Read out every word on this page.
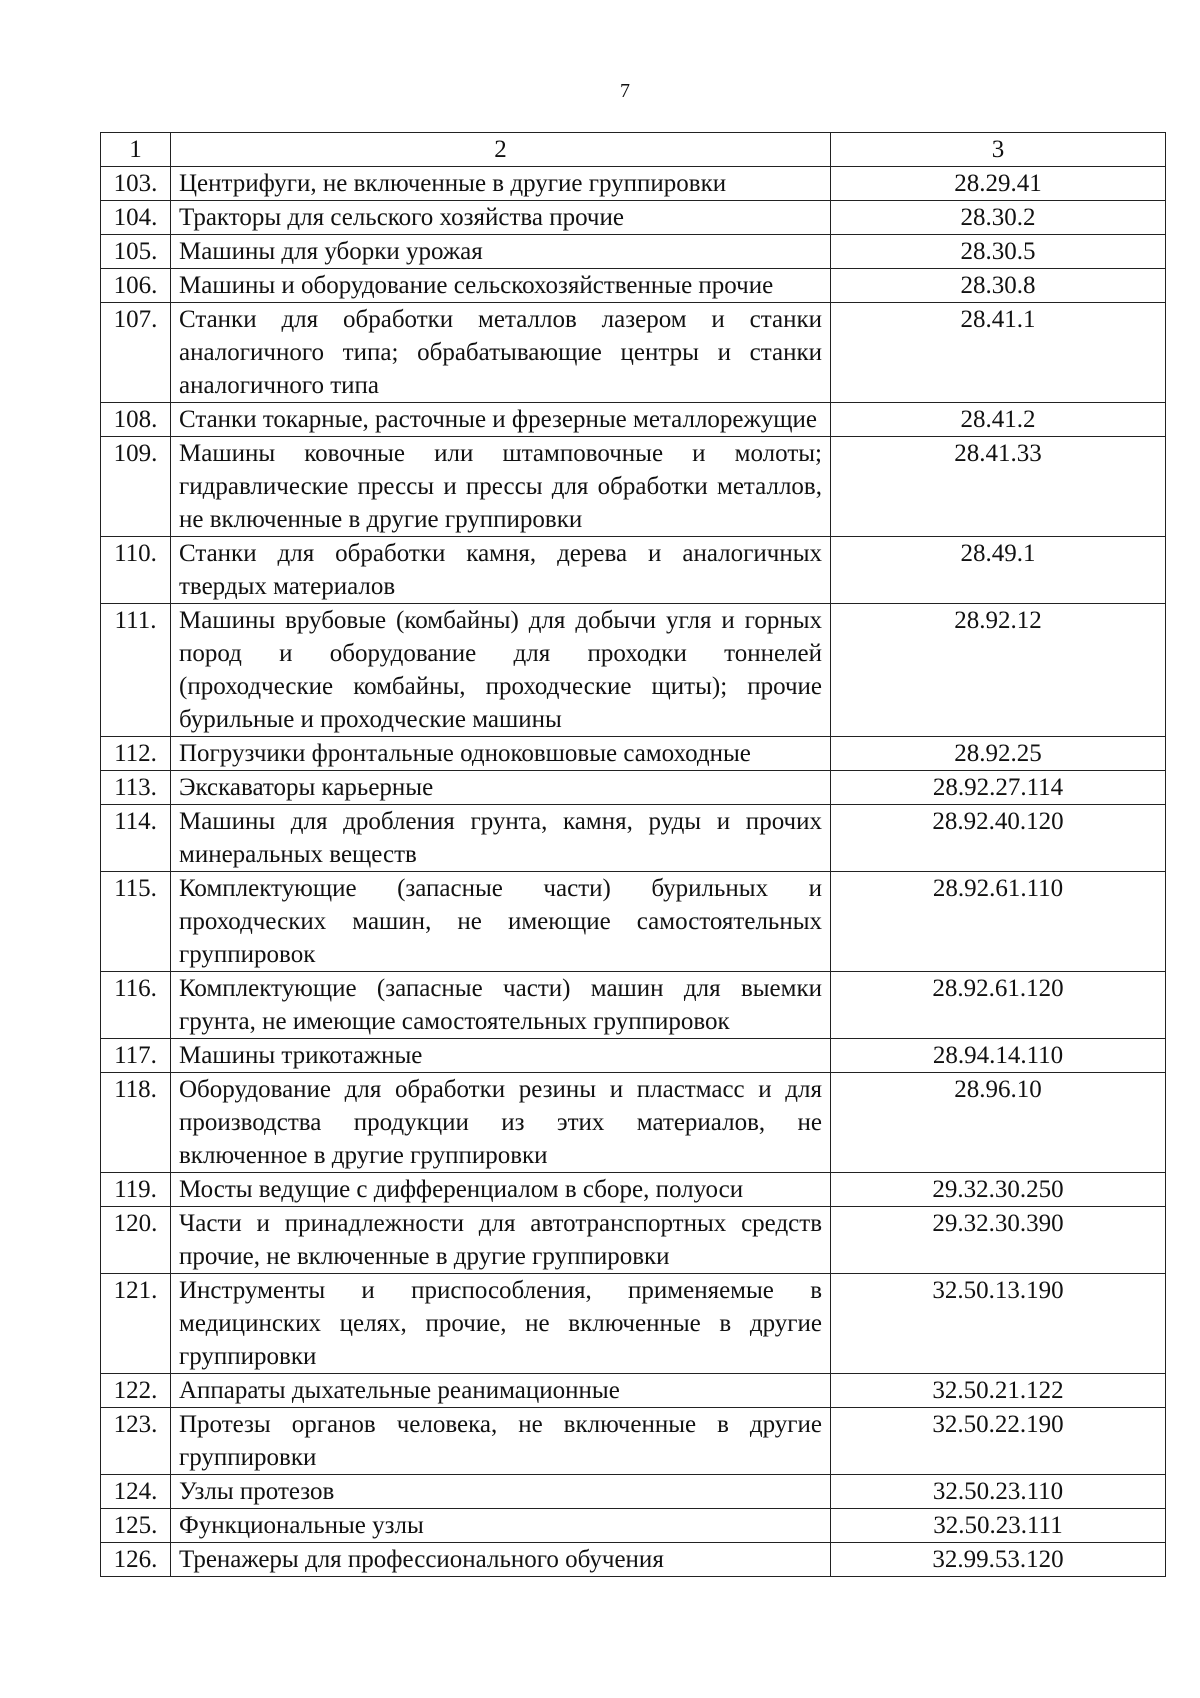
7
1	2	3
103.	Центрифуги, не включенные в другие группировки	28.29.41
104.	Тракторы для сельского хозяйства прочие	28.30.2
105.	Машины для уборки урожая	28.30.5
106.	Машины и оборудование сельскохозяйственные прочие	28.30.8
107.	Станки для обработки металлов лазером и станки аналогичного типа; обрабатывающие центры и станки аналогичного типа	28.41.1
108.	Станки токарные, расточные и фрезерные металлорежущие	28.41.2
109.	Машины ковочные или штамповочные и молоты; гидравлические прессы и прессы для обработки металлов, не включенные в другие группировки	28.41.33
110.	Станки для обработки камня, дерева и аналогичных твердых материалов	28.49.1
111.	Машины врубовые (комбайны) для добычи угля и горных пород и оборудование для проходки тоннелей (проходческие комбайны, проходческие щиты); прочие бурильные и проходческие машины	28.92.12
112.	Погрузчики фронтальные одноковшовые самоходные	28.92.25
113.	Экскаваторы карьерные	28.92.27.114
114.	Машины для дробления грунта, камня, руды и прочих минеральных веществ	28.92.40.120
115.	Комплектующие (запасные части) бурильных и проходческих машин, не имеющие самостоятельных группировок	28.92.61.110
116.	Комплектующие (запасные части) машин для выемки грунта, не имеющие самостоятельных группировок	28.92.61.120
117.	Машины трикотажные	28.94.14.110
118.	Оборудование для обработки резины и пластмасс и для производства продукции из этих материалов, не включенное в другие группировки	28.96.10
119.	Мосты ведущие с дифференциалом в сборе, полуоси	29.32.30.250
120.	Части и принадлежности для автотранспортных средств прочие, не включенные в другие группировки	29.32.30.390
121.	Инструменты и приспособления, применяемые в медицинских целях, прочие, не включенные в другие группировки	32.50.13.190
122.	Аппараты дыхательные реанимационные	32.50.21.122
123.	Протезы органов человека, не включенные в другие группировки	32.50.22.190
124.	Узлы протезов	32.50.23.110
125.	Функциональные узлы	32.50.23.111
126.	Тренажеры для профессионального обучения	32.99.53.120
